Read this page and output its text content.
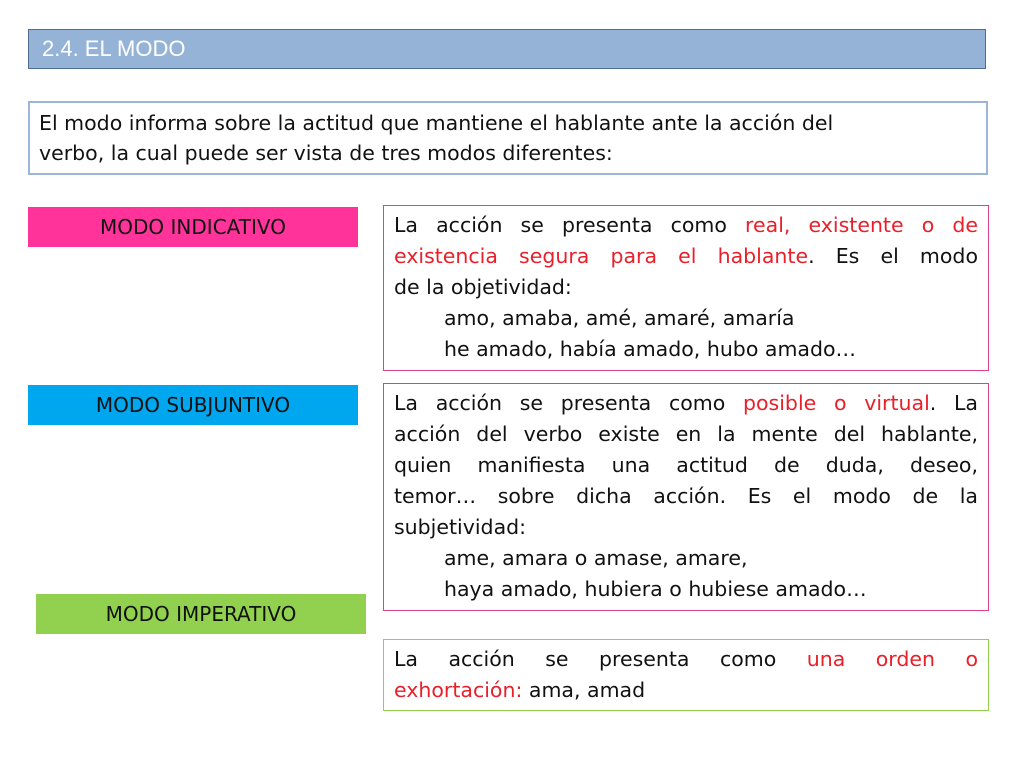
2.4. EL MODO
El modo informa sobre la actitud que mantiene el hablante ante la acción del
verbo, la cual puede ser vista de tres modos diferentes:
MODO INDICATIVO	La acción se presenta como real, existente o de
existencia segura para el hablante. Es el modo
de la objetividad:
amo, amaba, amé, amaré, amaría
he amado, había amado, hubo amado…
MODO SUBJUNTIVO	La acción se presenta como posible o virtual. La
acción del verbo existe en la mente del hablante,
quien manifiesta una actitud de duda, deseo,
temor… sobre dicha acción. Es el modo de la
subjetividad:
ame, amara o amase, amare,
haya amado, hubiera o hubiese amado…
MODO IMPERATIVO
La acción se presenta como una orden o
exhortación: ama, amad
